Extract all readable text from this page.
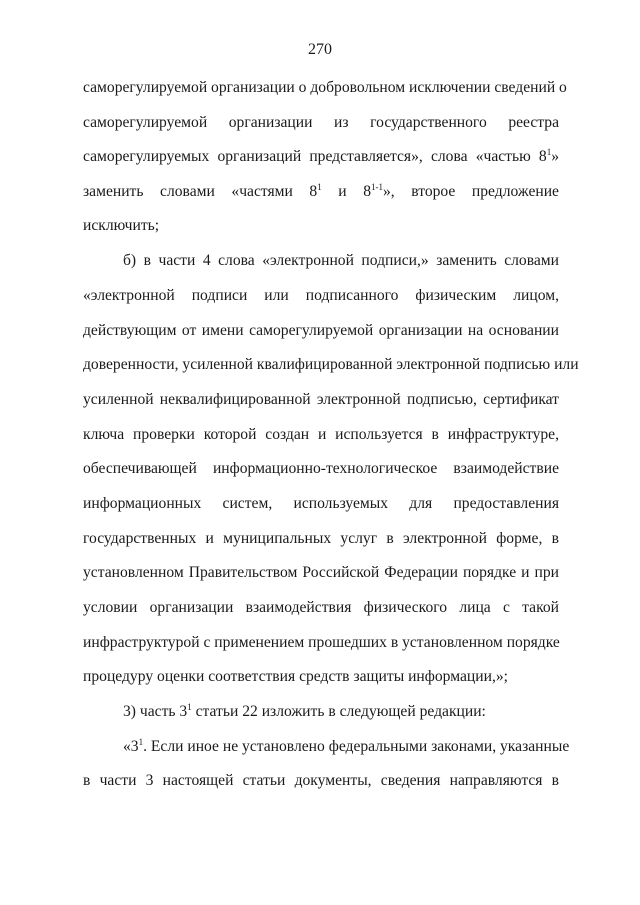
270
саморегулируемой организации о добровольном исключении сведений о
саморегулируемой организации из государственного реестра
саморегулируемых организаций представляется», слова «частью $8^1$»
заменить словами «частями $8^1$ и 8$^{1-1}$», второе предложение
исключить;
б) в части 4 слова «электронной подписи,» заменить словами
«электронной подписи или подписанного физическим лицом,
действующим от имени саморегулируемой организации на основании
доверенности, усиленной квалифицированной электронной подписью или
усиленной неквалифицированной электронной подписью, сертификат
ключа проверки которой создан и используется в инфраструктуре,
обеспечивающей информационно-технологическое взаимодействие
информационных систем, используемых для предоставления
государственных и муниципальных услуг в электронной форме, в
установленном Правительством Российской Федерации порядке и при
условии организации взаимодействия физического лица с такой
инфраструктурой с применением прошедших в установленном порядке
процедуру оценки соответствия средств защиты информации,»;
3) часть $3^1$ статьи 22 изложить в следующей редакции:
«$3^1$. Если иное не установлено федеральными законами, указанные
в части 3 настоящей статьи документы, сведения направляются в
